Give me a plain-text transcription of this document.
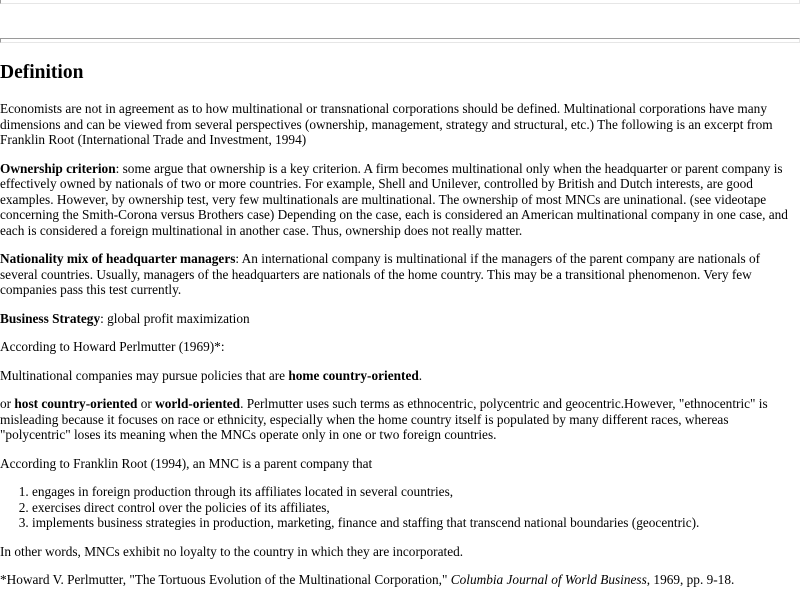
Definition

Economists are not in agreement as to how multinational or transnational corporations should be defined. Multinational corporations have many dimensions and can be viewed from several perspectives (ownership, management, strategy and structural, etc.) The following is an excerpt from Franklin Root (International Trade and Investment, 1994)

Ownership criterion: some argue that ownership is a key criterion. A firm becomes multinational only when the headquarter or parent company is effectively owned by nationals of two or more countries. For example, Shell and Unilever, controlled by British and Dutch interests, are good examples. However, by ownership test, very few multinationals are multinational. The ownership of most MNCs are uninational. (see videotape concerning the Smith-Corona versus Brothers case) Depending on the case, each is considered an American multinational company in one case, and each is considered a foreign multinational in another case. Thus, ownership does not really matter.

Nationality mix of headquarter managers: An international company is multinational if the managers of the parent company are nationals of several countries. Usually, managers of the headquarters are nationals of the home country. This may be a transitional phenomenon. Very few companies pass this test currently.

Business Strategy: global profit maximization

According to Howard Perlmutter (1969)*:

Multinational companies may pursue policies that are home country-oriented.

or host country-oriented or world-oriented. Perlmutter uses such terms as ethnocentric, polycentric and geocentric.However, "ethnocentric" is misleading because it focuses on race or ethnicity, especially when the home country itself is populated by many different races, whereas "polycentric" loses its meaning when the MNCs operate only in one or two foreign countries.

According to Franklin Root (1994), an MNC is a parent company that

1. engages in foreign production through its affiliates located in several countries,
2. exercises direct control over the policies of its affiliates,
3. implements business strategies in production, marketing, finance and staffing that transcend national boundaries (geocentric).

In other words, MNCs exhibit no loyalty to the country in which they are incorporated.

*Howard V. Perlmutter, "The Tortuous Evolution of the Multinational Corporation," Columbia Journal of World Business, 1969, pp. 9-18.
